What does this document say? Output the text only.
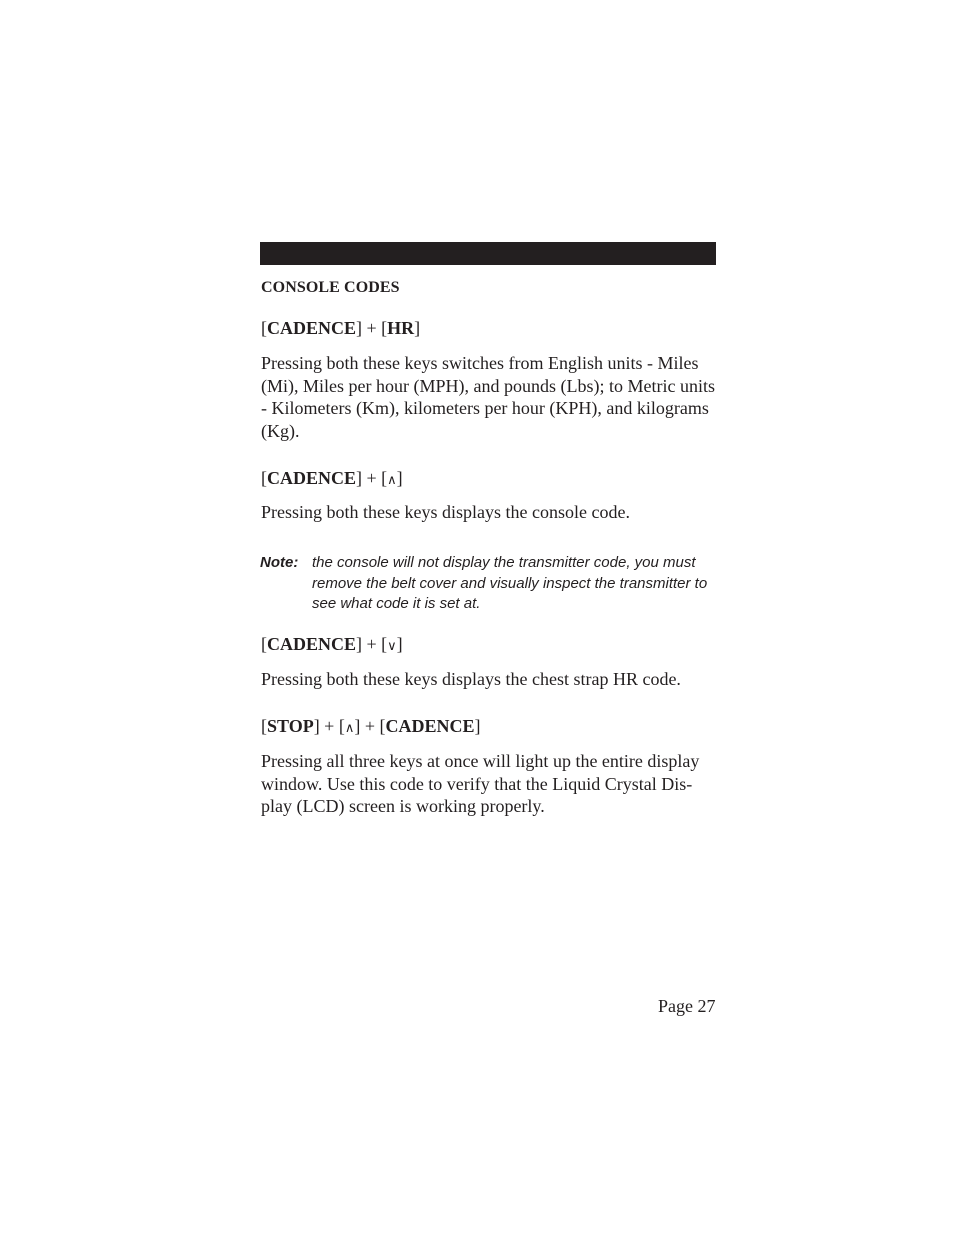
CONSOLE CODES

[CADENCE] + [HR]

Pressing both these keys switches from English units - Miles (Mi), Miles per hour (MPH), and pounds (Lbs); to Metric units - Kilometers (Km), kilometers per hour (KPH), and kilograms (Kg).

[CADENCE] + [∧]

Pressing both these keys displays the console code.

Note: the console will not display the transmitter code, you must remove the belt cover and visually inspect the transmitter to see what code it is set at.

[CADENCE] + [∨]

Pressing both these keys displays the chest strap HR code.

[STOP] + [∧] + [CADENCE]

Pressing all three keys at once will light up the entire display window. Use this code to verify that the Liquid Crystal Dis-play (LCD) screen is working properly.

Page 27
